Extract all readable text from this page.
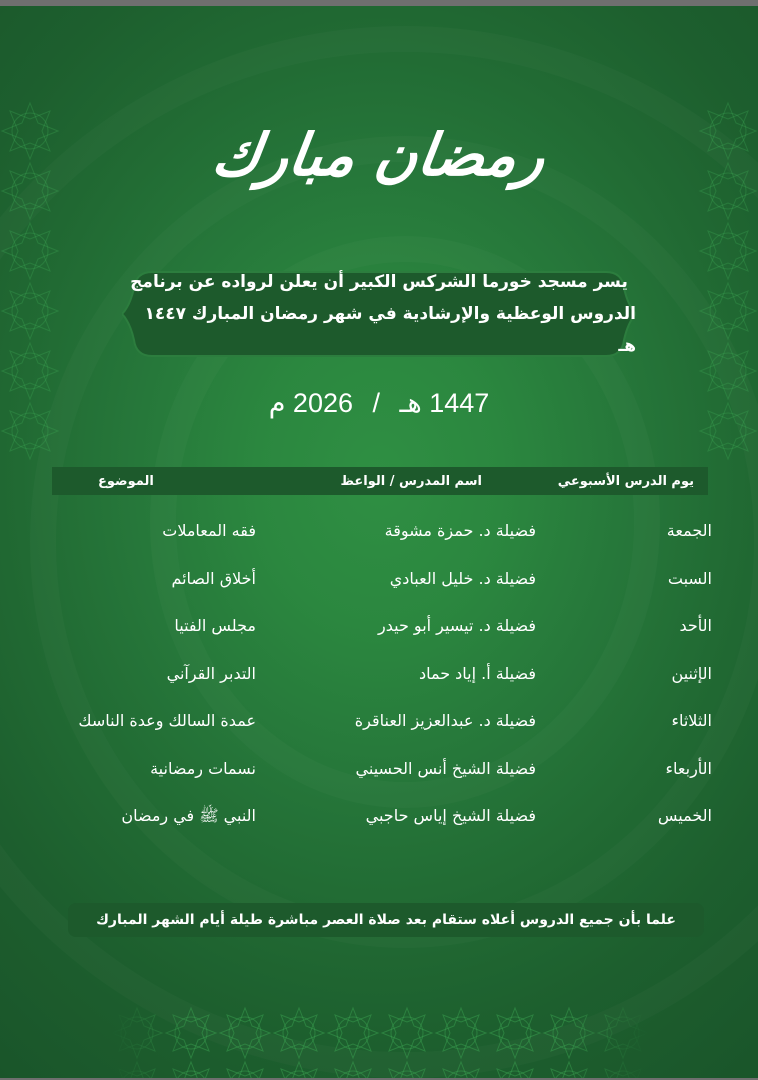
رمضان مبارك
يسر مسجد خورما الشركس الكبير أن يعلن لرواده عن برنامج
الدروس الوعظية والإرشادية في شهر رمضان المبارك ١٤٤٧ هـ
1447 هـ / 2026 م
يوم الدرس الأسبوعي
اسم المدرس / الواعظ
الموضوع
الجمعة
فضيلة د. حمزة مشوقة
فقه المعاملات
السبت
فضيلة د. خليل العبادي
أخلاق الصائم
الأحد
فضيلة د. تيسير أبو حيدر
مجلس الفتيا
الإثنين
فضيلة أ. إياد حماد
التدبر القرآني
الثلاثاء
فضيلة د. عبدالعزيز العناقرة
عمدة السالك وعدة الناسك
الأربعاء
فضيلة الشيخ أنس الحسيني
نسمات رمضانية
الخميس
فضيلة الشيخ إياس حاجبي
النبي ﷺ في رمضان
علما بأن جميع الدروس أعلاه ستقام بعد صلاة العصر مباشرة طيلة أيام الشهر المبارك
